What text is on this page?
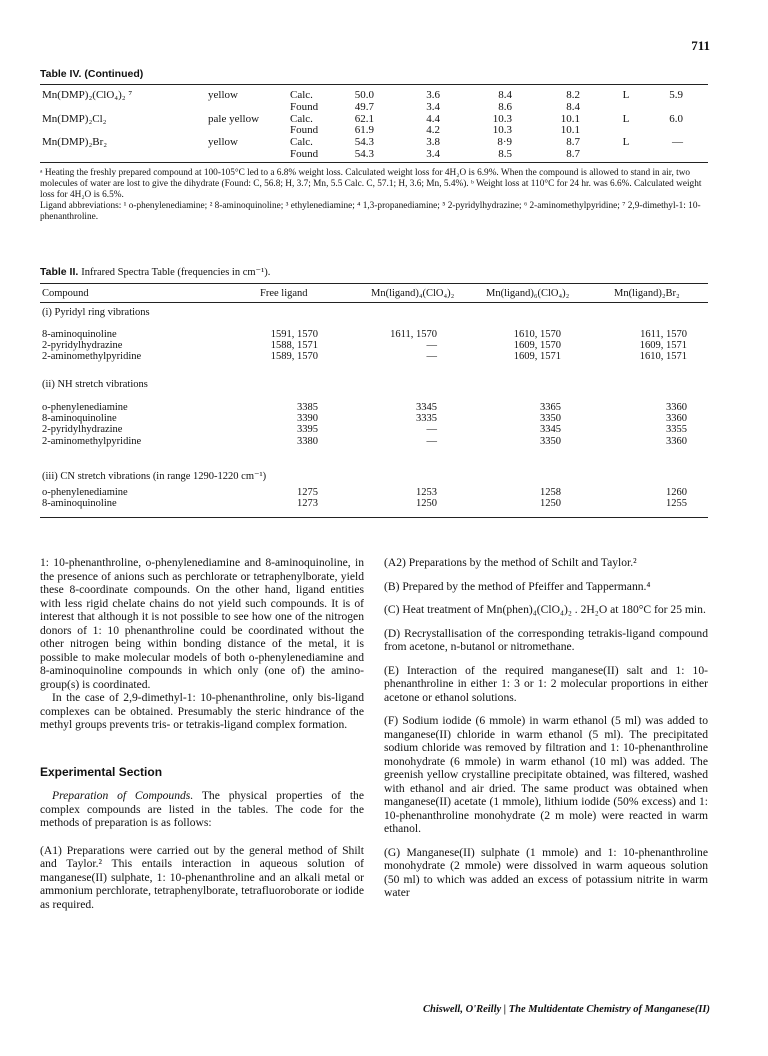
711
Table IV. (Continued)
Mn(DMP)₂(ClO₄)₂ ⁷	yellow	Calc.	50.0	3.6	8.4	8.2	L	5.9
Found	49.7	3.4	8.6	8.4
Mn(DMP)₂Cl₂	pale yellow	Calc.	62.1	4.4	10.3	10.1	L	6.0
Found	61.9	4.2	10.3	10.1
Mn(DMP)₂Br₂	yellow	Calc.	54.3	3.8	8·9	8.7	L	—
Found	54.3	3.4	8.5	8.7

ᵃ Heating the freshly prepared compound at 100-105°C led to a 6.8% weight loss. Calculated weight loss for 4H₂O is 6.9%. When the compound is allowed to stand in air, two molecules of water are lost to give the dihydrate (Found: C, 56.8; H, 3.7; Mn, 5.5 Calc. C, 57.1; H, 3.6; Mn, 5.4%). ᵇ Weight loss at 110°C for 24 hr. was 6.6%. Calculated weight loss for 4H₂O is 6.5%.

Ligand abbreviations: ¹ o-phenylenediamine; ² 8-aminoquinoline; ³ ethylenediamine; ⁴ 1,3-propanediamine; ⁵ 2-pyridylhydrazine; ⁶ 2-aminomethylpyridine; ⁷ 2,9-dimethyl-1: 10-phenanthroline.

Table II. Infrared Spectra Table (frequencies in cm⁻¹).
Compound	Free ligand	Mn(ligand)₄(ClO₄)₂	Mn(ligand)₆(ClO₄)₂	Mn(ligand)₂Br₂
(i) Pyridyl ring vibrations
8-aminoquinoline	1591, 1570	1611, 1570	1610, 1570	1611, 1570
2-pyridylhydrazine	1588, 1571	—	1609, 1570	1609, 1571
2-aminomethylpyridine	1589, 1570	—	1609, 1571	1610, 1571
(ii) NH stretch vibrations
o-phenylenediamine	3385	3345	3365	3360
8-aminoquinoline	3390	3335	3350	3360
2-pyridylhydrazine	3395	—	3345	3355
2-aminomethylpyridine	3380	—	3350	3360
(iii) CN stretch vibrations (in range 1290-1220 cm⁻¹)
o-phenylenediamine	1275	1253	1258	1260
8-aminoquinoline	1273	1250	1250	1255

1: 10-phenanthroline, o-phenylenediamine and 8-aminoquinoline, in the presence of anions such as perchlorate or tetraphenylborate, yield these 8-coordinate compounds. On the other hand, ligand entities with less rigid chelate chains do not yield such compounds. It is of interest that although it is not possible to see how one of the nitrogen donors of 1: 10 phenanthroline could be coordinated without the other nitrogen being within bonding distance of the metal, it is possible to make molecular models of both o-phenylenediamine and 8-aminoquinoline compounds in which only (one of) the amino-group(s) is coordinated.

In the case of 2,9-dimethyl-1: 10-phenanthroline, only bis-ligand complexes can be obtained. Presumably the steric hindrance of the methyl groups prevents tris- or tetrakis-ligand complex formation.

Experimental Section

Preparation of Compounds. The physical properties of the complex compounds are listed in the tables. The code for the methods of preparation is as follows:

(A1) Preparations were carried out by the general method of Shilt and Taylor.² This entails interaction in aqueous solution of manganese(II) sulphate, 1: 10-phenanthroline and an alkali metal or ammonium perchlorate, tetraphenylborate, tetrafluoroborate or iodide as required.

(A2) Preparations by the method of Schilt and Taylor.²

(B) Prepared by the method of Pfeiffer and Tappermann.⁴

(C) Heat treatment of Mn(phen)₄(ClO₄)₂ . 2H₂O at 180°C for 25 min.

(D) Recrystallisation of the corresponding tetrakis-ligand compound from acetone, n-butanol or nitromethane.

(E) Interaction of the required manganese(II) salt and 1: 10-phenanthroline in either 1: 3 or 1: 2 molecular proportions in either acetone or ethanol solutions.

(F) Sodium iodide (6 mmole) in warm ethanol (5 ml) was added to manganese(II) chloride in warm ethanol (5 ml). The precipitated sodium chloride was removed by filtration and 1: 10-phenanthroline monohydrate (6 mmole) in warm ethanol (10 ml) was added. The greenish yellow crystalline precipitate obtained, was filtered, washed with ethanol and air dried. The same product was obtained when manganese(II) acetate (1 mmole), lithium iodide (50% excess) and 1: 10-phenanthroline monohydrate (2 m mole) were reacted in warm ethanol.

(G) Manganese(II) sulphate (1 mmole) and 1: 10-phenanthroline monohydrate (2 mmole) were dissolved in warm aqueous solution (50 ml) to which was added an excess of potassium nitrite in warm water

Chiswell, O'Reilly | The Multidentate Chemistry of Manganese(II)
